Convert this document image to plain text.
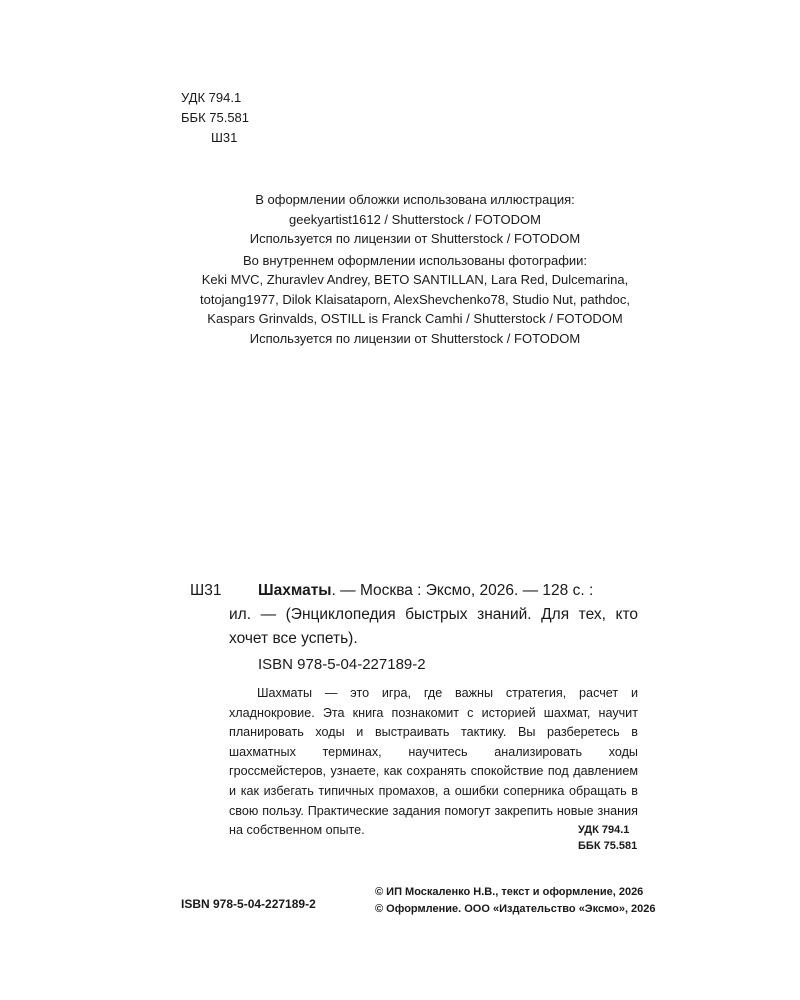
УДК 794.1
ББК 75.581
Ш31
В оформлении обложки использована иллюстрация:
geekyartist1612 / Shutterstock / FOTODOM
Используется по лицензии от Shutterstock / FOTODOM
Во внутреннем оформлении использованы фотографии:
Keki MVC, Zhuravlev Andrey, BETO SANTILLAN, Lara Red, Dulcemarina,
totojang1977, Dilok Klaisataporn, AlexShevchenko78, Studio Nut, pathdoc,
Kaspars Grinvalds, OSTILL is Franck Camhi / Shutterstock / FOTODOM
Используется по лицензии от Shutterstock / FOTODOM
Ш31 Шахматы. — Москва : Эксмо, 2026. — 128 с. :
ил. — (Энциклопедия быстрых знаний. Для тех, кто хочет все успеть).
ISBN 978-5-04-227189-2
Шахматы — это игра, где важны стратегия, расчет и хладнокровие. Эта книга познакомит с историей шахмат, научит планировать ходы и выстраивать тактику. Вы разберетесь в шахматных терминах, научитесь анализировать ходы гроссмейстеров, узнаете, как сохранять спокойствие под давлением и как избегать типичных промахов, а ошибки соперника обращать в свою пользу. Практические задания помогут закрепить новые знания на собственном опыте.	УДК 794.1
ББК 75.581
ISBN 978-5-04-227189-2
© ИП Москаленко Н.В., текст и оформление, 2026
© Оформление. ООО «Издательство «Эксмо», 2026
